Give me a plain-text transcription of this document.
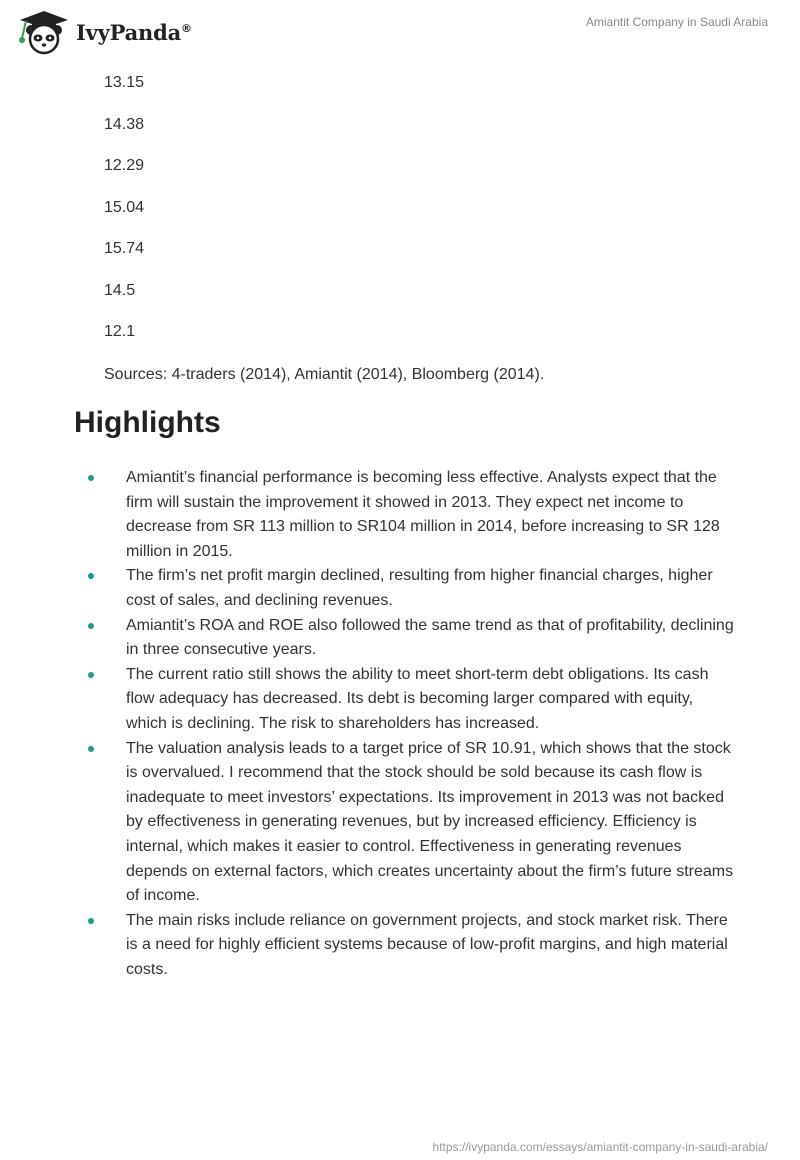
IvyPanda®	Amiantit Company in Saudi Arabia
13.15
14.38
12.29
15.04
15.74
14.5
12.1
Sources: 4-traders (2014), Amiantit (2014), Bloomberg (2014).
Highlights
Amiantit’s financial performance is becoming less effective. Analysts expect that the firm will sustain the improvement it showed in 2013. They expect net income to decrease from SR 113 million to SR104 million in 2014, before increasing to SR 128 million in 2015.
The firm’s net profit margin declined, resulting from higher financial charges, higher cost of sales, and declining revenues.
Amiantit’s ROA and ROE also followed the same trend as that of profitability, declining in three consecutive years.
The current ratio still shows the ability to meet short-term debt obligations. Its cash flow adequacy has decreased. Its debt is becoming larger compared with equity, which is declining. The risk to shareholders has increased.
The valuation analysis leads to a target price of SR 10.91, which shows that the stock is overvalued. I recommend that the stock should be sold because its cash flow is inadequate to meet investors’ expectations. Its improvement in 2013 was not backed by effectiveness in generating revenues, but by increased efficiency. Efficiency is internal, which makes it easier to control. Effectiveness in generating revenues depends on external factors, which creates uncertainty about the firm’s future streams of income.
The main risks include reliance on government projects, and stock market risk. There is a need for highly efficient systems because of low-profit margins, and high material costs.
https://ivypanda.com/essays/amiantit-company-in-saudi-arabia/
